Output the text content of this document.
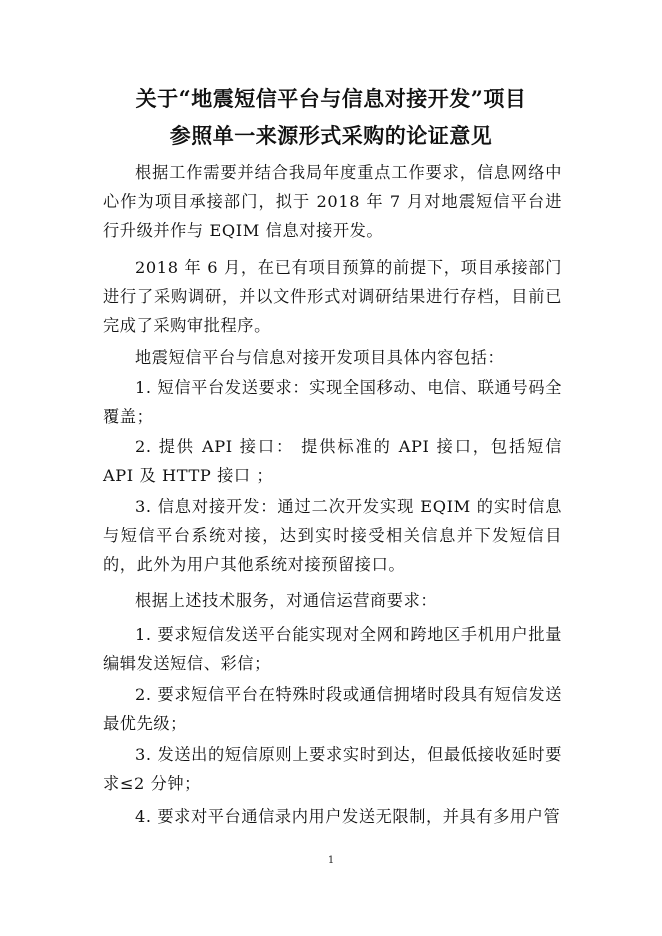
关于“地震短信平台与信息对接开发”项目
参照单一来源形式采购的论证意见
根据工作需要并结合我局年度重点工作要求，信息网络中心作为项目承接部门，拟于 2018 年 7 月对地震短信平台进行升级并作与 EQIM 信息对接开发。
2018 年 6 月，在已有项目预算的前提下，项目承接部门进行了采购调研，并以文件形式对调研结果进行存档，目前已完成了采购审批程序。
地震短信平台与信息对接开发项目具体内容包括：
1. 短信平台发送要求：实现全国移动、电信、联通号码全覆盖；
2. 提供 API 接口： 提供标准的 API 接口，包括短信 API 及 HTTP 接口 ；
3. 信息对接开发：通过二次开发实现 EQIM 的实时信息与短信平台系统对接，达到实时接受相关信息并下发短信目的，此外为用户其他系统对接预留接口。
根据上述技术服务，对通信运营商要求：
1. 要求短信发送平台能实现对全网和跨地区手机用户批量编辑发送短信、彩信；
2. 要求短信平台在特殊时段或通信拥堵时段具有短信发送最优先级；
3. 发送出的短信原则上要求实时到达，但最低接收延时要求≤2 分钟；
4. 要求对平台通信录内用户发送无限制，并具有多用户管
1
